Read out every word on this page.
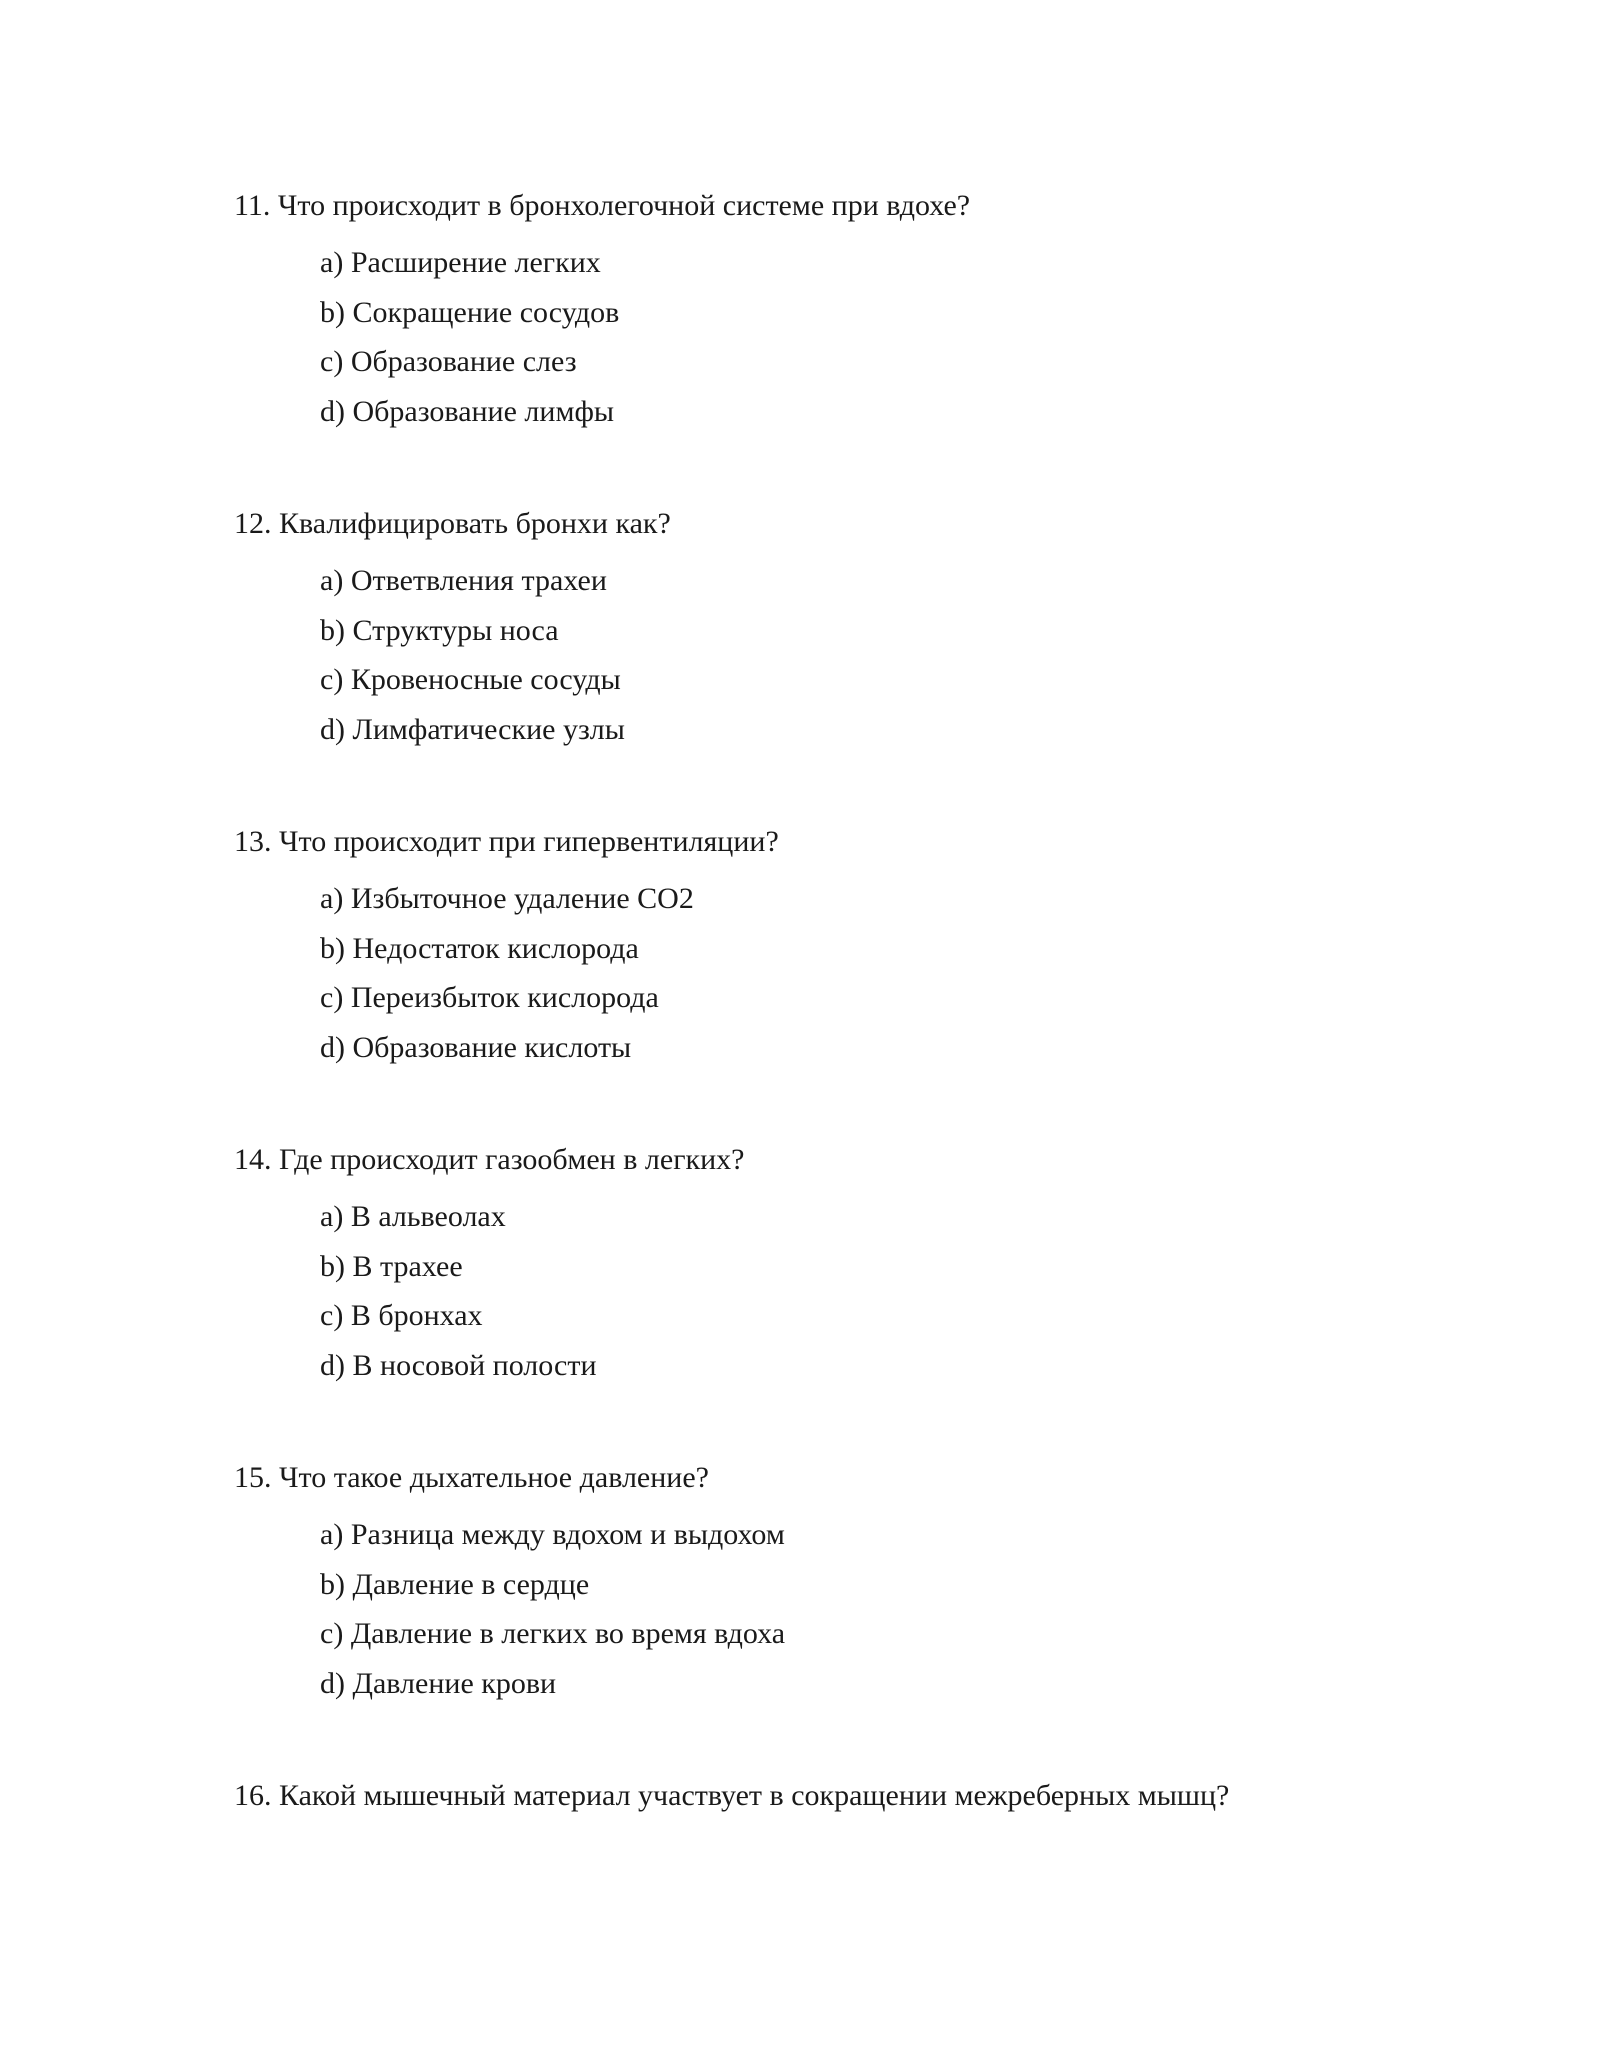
11. Что происходит в бронхолегочной системе при вдохе?

a) Расширение легких
b) Сокращение сосудов
c) Образование слез
d) Образование лимфы

12. Квалифицировать бронхи как?

a) Ответвления трахеи
b) Структуры носа
c) Кровеносные сосуды
d) Лимфатические узлы

13. Что происходит при гипервентиляции?

a) Избыточное удаление CO2
b) Недостаток кислорода
c) Переизбыток кислорода
d) Образование кислоты

14. Где происходит газообмен в легких?

a) В альвеолах
b) В трахее
c) В бронхах
d) В носовой полости

15. Что такое дыхательное давление?

a) Разница между вдохом и выдохом
b) Давление в сердце
c) Давление в легких во время вдоха
d) Давление крови

16. Какой мышечный материал участвует в сокращении межреберных мышц?
